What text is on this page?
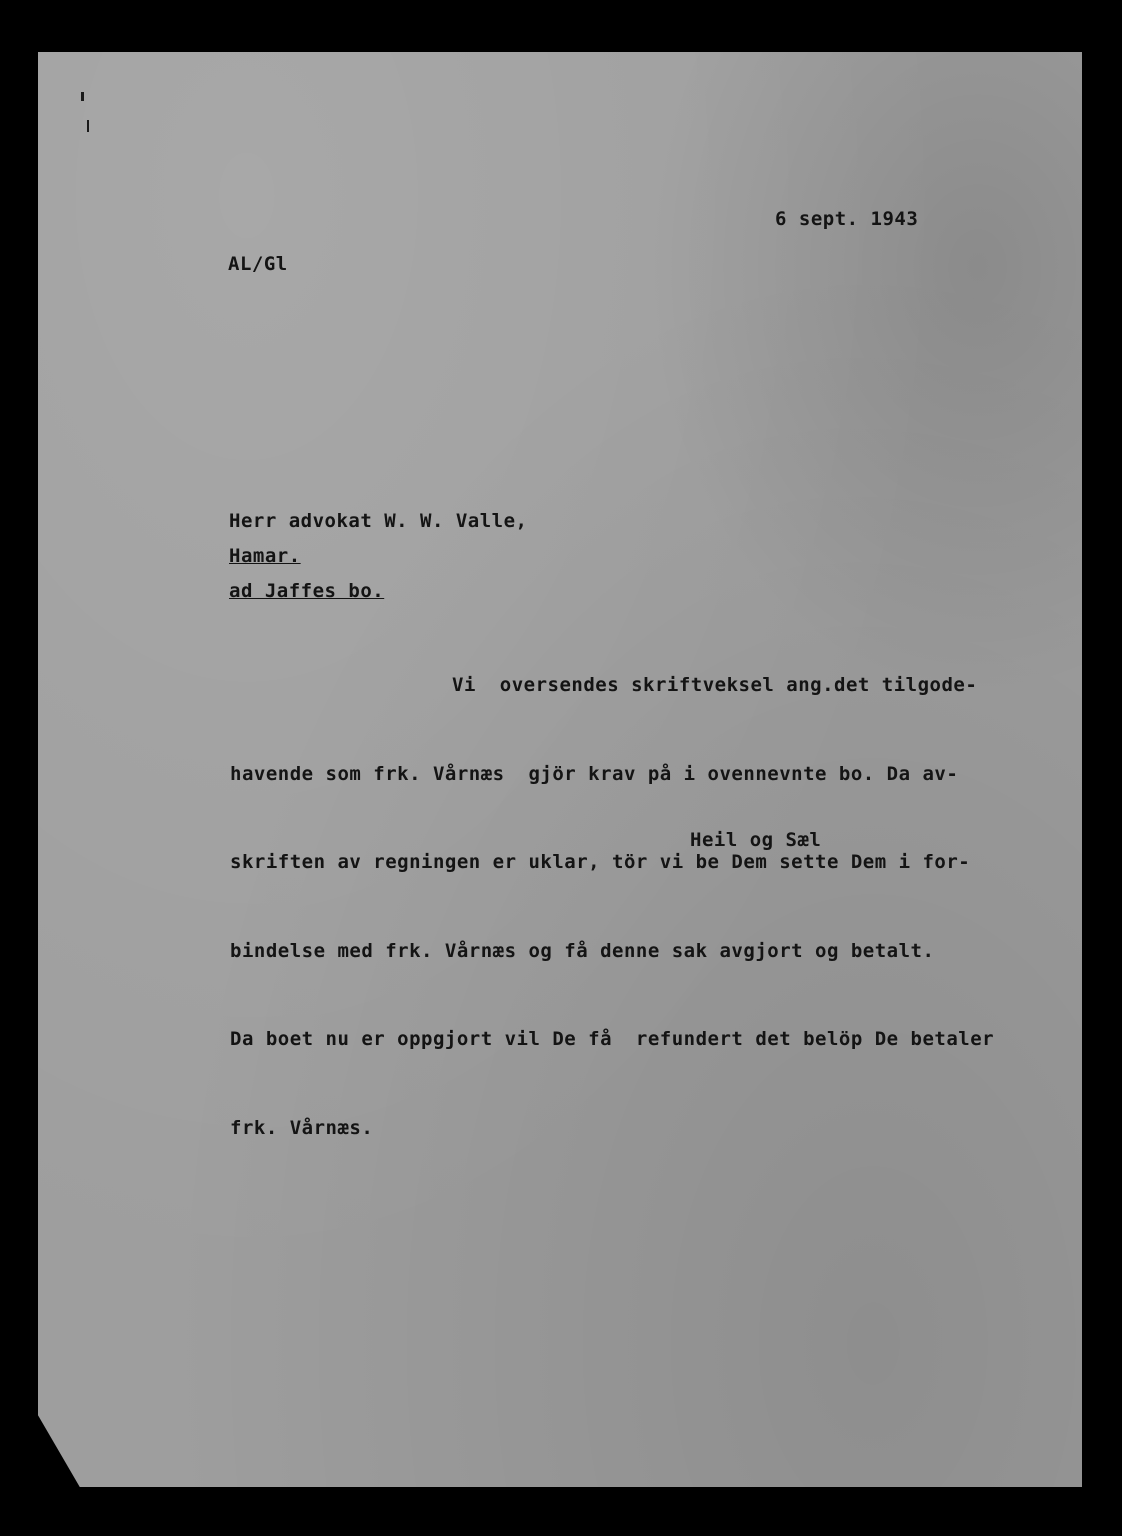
6 sept. 1943
AL/Gl
Herr advokat W. W. Valle,
Hamar.
ad Jaffes bo.

Vi  oversendes skriftveksel ang.det tilgode-

havende som frk. Vårnæs  gjör krav på i ovennevnte bo. Da av-

skriften av regningen er uklar, tör vi be Dem sette Dem i for-

bindelse med frk. Vårnæs og få denne sak avgjort og betalt.

Da boet nu er oppgjort vil De få  refundert det belöp De betaler

frk. Vårnæs.

Heil og Sæl
